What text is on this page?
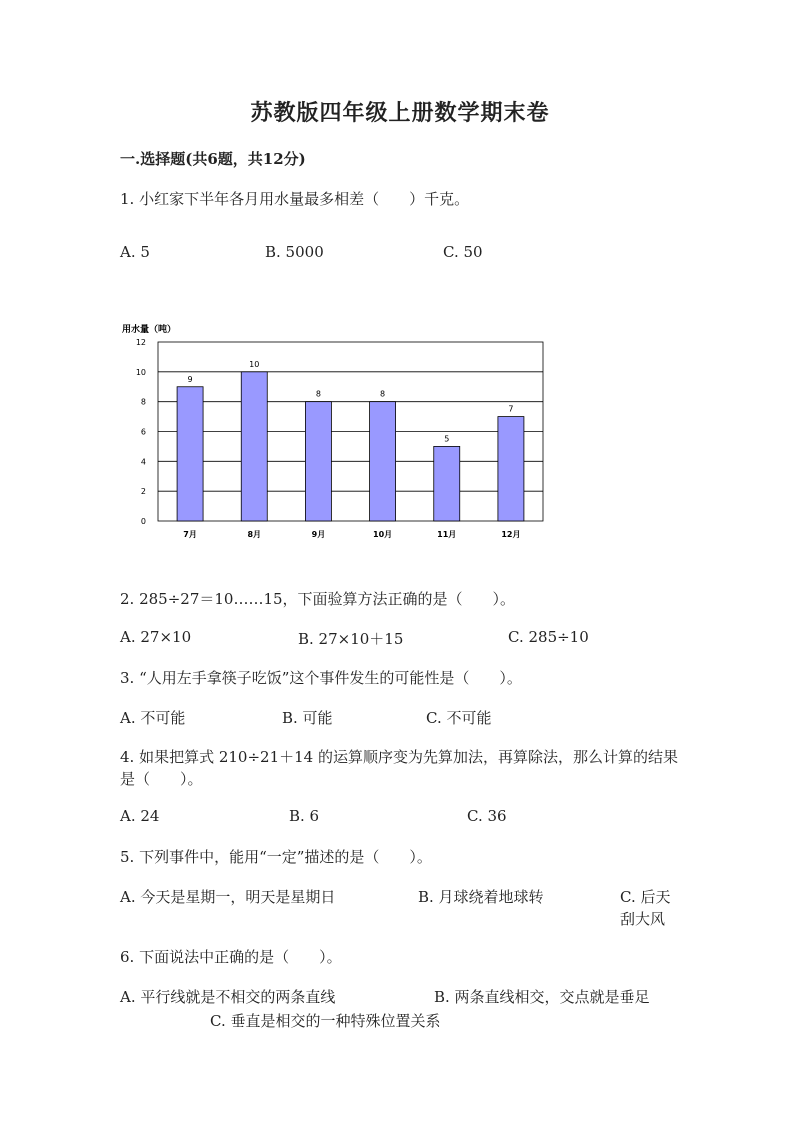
苏教版四年级上册数学期末卷
一.选择题(共6题，共12分)
1. 小红家下半年各月用水量最多相差（　　）千克。
A. 5	B. 5000	C. 50
用水量（吨）
0
2
4
6
8
10
12
9
7月
10
8月
8
9月
8
10月
5
11月
7
12月
2. 285÷27＝10……15，下面验算方法正确的是（　　）。
A. 27×10	B. 27×10＋15	C. 285÷10
3. “人用左手拿筷子吃饭”这个事件发生的可能性是（　　）。
A. 不可能	B. 可能	C. 不可能
4. 如果把算式 210÷21＋14 的运算顺序变为先算加法，再算除法，那么计算的结果是（　　）。
A. 24	B. 6	C. 36
5. 下列事件中，能用“一定”描述的是（　　）。
A. 今天是星期一，明天是星期日	B. 月球绕着地球转	C. 后天刮大风
6. 下面说法中正确的是（　　）。
A. 平行线就是不相交的两条直线	B. 两条直线相交，交点就是垂足
C. 垂直是相交的一种特殊位置关系
